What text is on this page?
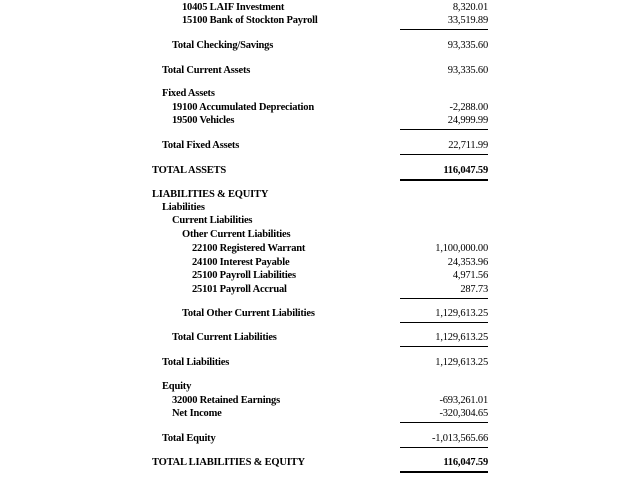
10405 LAIF Investment	8,320.01
15100 Bank of Stockton Payroll	33,519.89
Total Checking/Savings	93,335.60
Total Current Assets	93,335.60
Fixed Assets
19100 Accumulated Depreciation	-2,288.00
19500 Vehicles	24,999.99
Total Fixed Assets	22,711.99
TOTAL ASSETS	116,047.59
LIABILITIES & EQUITY
Liabilities
Current Liabilities
Other Current Liabilities
22100 Registered Warrant	1,100,000.00
24100 Interest Payable	24,353.96
25100 Payroll Liabilities	4,971.56
25101 Payroll Accrual	287.73
Total Other Current Liabilities	1,129,613.25
Total Current Liabilities	1,129,613.25
Total Liabilities	1,129,613.25
Equity
32000 Retained Earnings	-693,261.01
Net Income	-320,304.65
Total Equity	-1,013,565.66
TOTAL LIABILITIES & EQUITY	116,047.59
